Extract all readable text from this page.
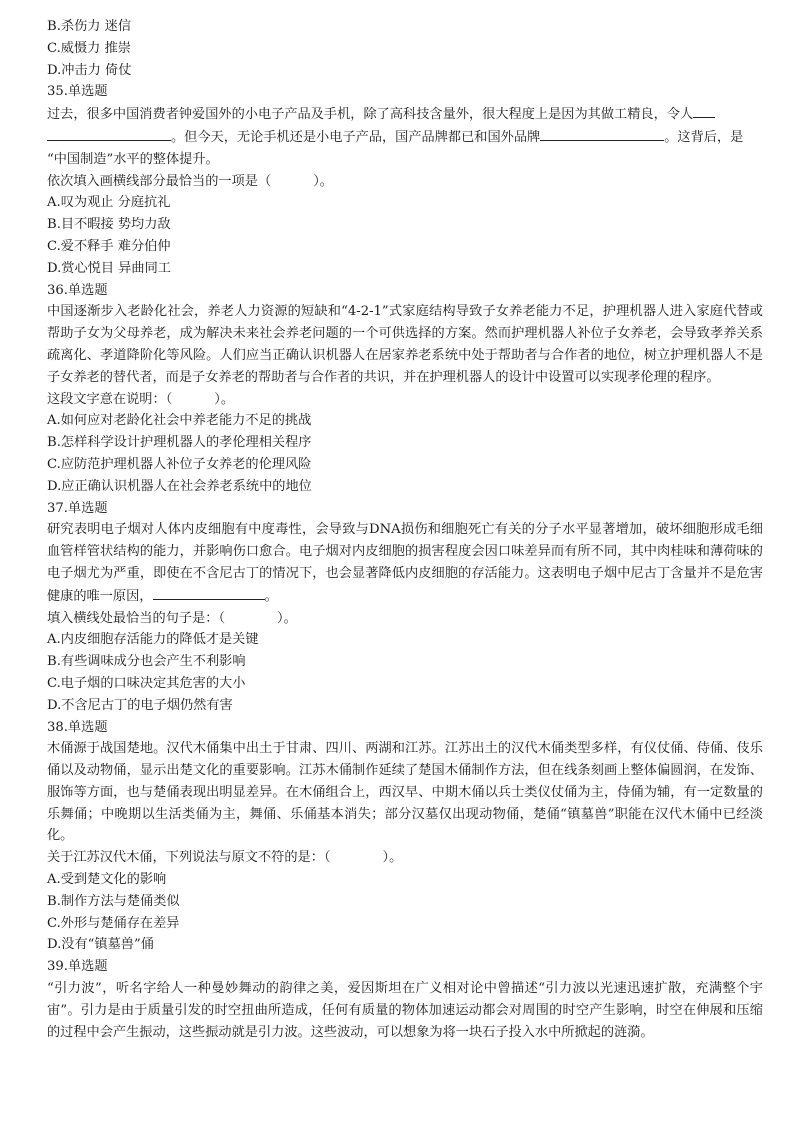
B.杀伤力 迷信
C.威慑力 推崇
D.冲击力 倚仗
35.单选题
过去，很多中国消费者钟爱国外的小电子产品及手机，除了高科技含量外，很大程度上是因为其做工精良，令人
。但今天，无论手机还是小电子产品，国产品牌都已和国外品牌	。这背后，是
“中国制造”水平的整体提升。
依次填入画横线部分最恰当的一项是（	）。
A.叹为观止 分庭抗礼
B.目不暇接 势均力敌
C.爱不释手 难分伯仲
D.赏心悦目 异曲同工
36.单选题
中国逐渐步入老龄化社会，养老人力资源的短缺和“4-2-1”式家庭结构导致子女养老能力不足，护理机器人进入家庭代替或帮助子女为父母养老，成为解决未来社会养老问题的一个可供选择的方案。然而护理机器人补位子女养老，会导致孝养关系疏离化、孝道降阶化等风险。人们应当正确认识机器人在居家养老系统中处于帮助者与合作者的地位，树立护理机器人不是子女养老的替代者，而是子女养老的帮助者与合作者的共识，并在护理机器人的设计中设置可以实现孝伦理的程序。
这段文字意在说明：（	）。
A.如何应对老龄化社会中养老能力不足的挑战
B.怎样科学设计护理机器人的孝伦理相关程序
C.应防范护理机器人补位子女养老的伦理风险
D.应正确认识机器人在社会养老系统中的地位
37.单选题
研究表明电子烟对人体内皮细胞有中度毒性，会导致与DNA损伤和细胞死亡有关的分子水平显著增加，破坏细胞形成毛细血管样管状结构的能力，并影响伤口愈合。电子烟对内皮细胞的损害程度会因口味差异而有所不同，其中肉桂味和薄荷味的电子烟尤为严重，即使在不含尼古丁的情况下，也会显著降低内皮细胞的存活能力。这表明电子烟中尼古丁含量并不是危害健康的唯一原因，	。
填入横线处最恰当的句子是：（	）。
A.内皮细胞存活能力的降低才是关键
B.有些调味成分也会产生不利影响
C.电子烟的口味决定其危害的大小
D.不含尼古丁的电子烟仍然有害
38.单选题
木俑源于战国楚地。汉代木俑集中出土于甘肃、四川、两湖和江苏。江苏出土的汉代木俑类型多样，有仪仗俑、侍俑、伎乐俑以及动物俑，显示出楚文化的重要影响。江苏木俑制作延续了楚国木俑制作方法，但在线条刻画上整体偏圆润，在发饰、服饰等方面，也与楚俑表现出明显差异。在木俑组合上，西汉早、中期木俑以兵士类仪仗俑为主，侍俑为辅，有一定数量的乐舞俑；中晚期以生活类俑为主，舞俑、乐俑基本消失；部分汉墓仅出现动物俑，楚俑“镇墓兽”职能在汉代木俑中已经淡化。
关于江苏汉代木俑，下列说法与原文不符的是：（	）。
A.受到楚文化的影响
B.制作方法与楚俑类似
C.外形与楚俑存在差异
D.没有“镇墓兽”俑
39.单选题
“引力波”，听名字给人一种曼妙舞动的韵律之美，爱因斯坦在广义相对论中曾描述“引力波以光速迅速扩散，充满整个宇宙”。引力是由于质量引发的时空扭曲所造成，任何有质量的物体加速运动都会对周围的时空产生影响，时空在伸展和压缩的过程中会产生振动，这些振动就是引力波。这些波动，可以想象为将一块石子投入水中所掀起的涟漪。
